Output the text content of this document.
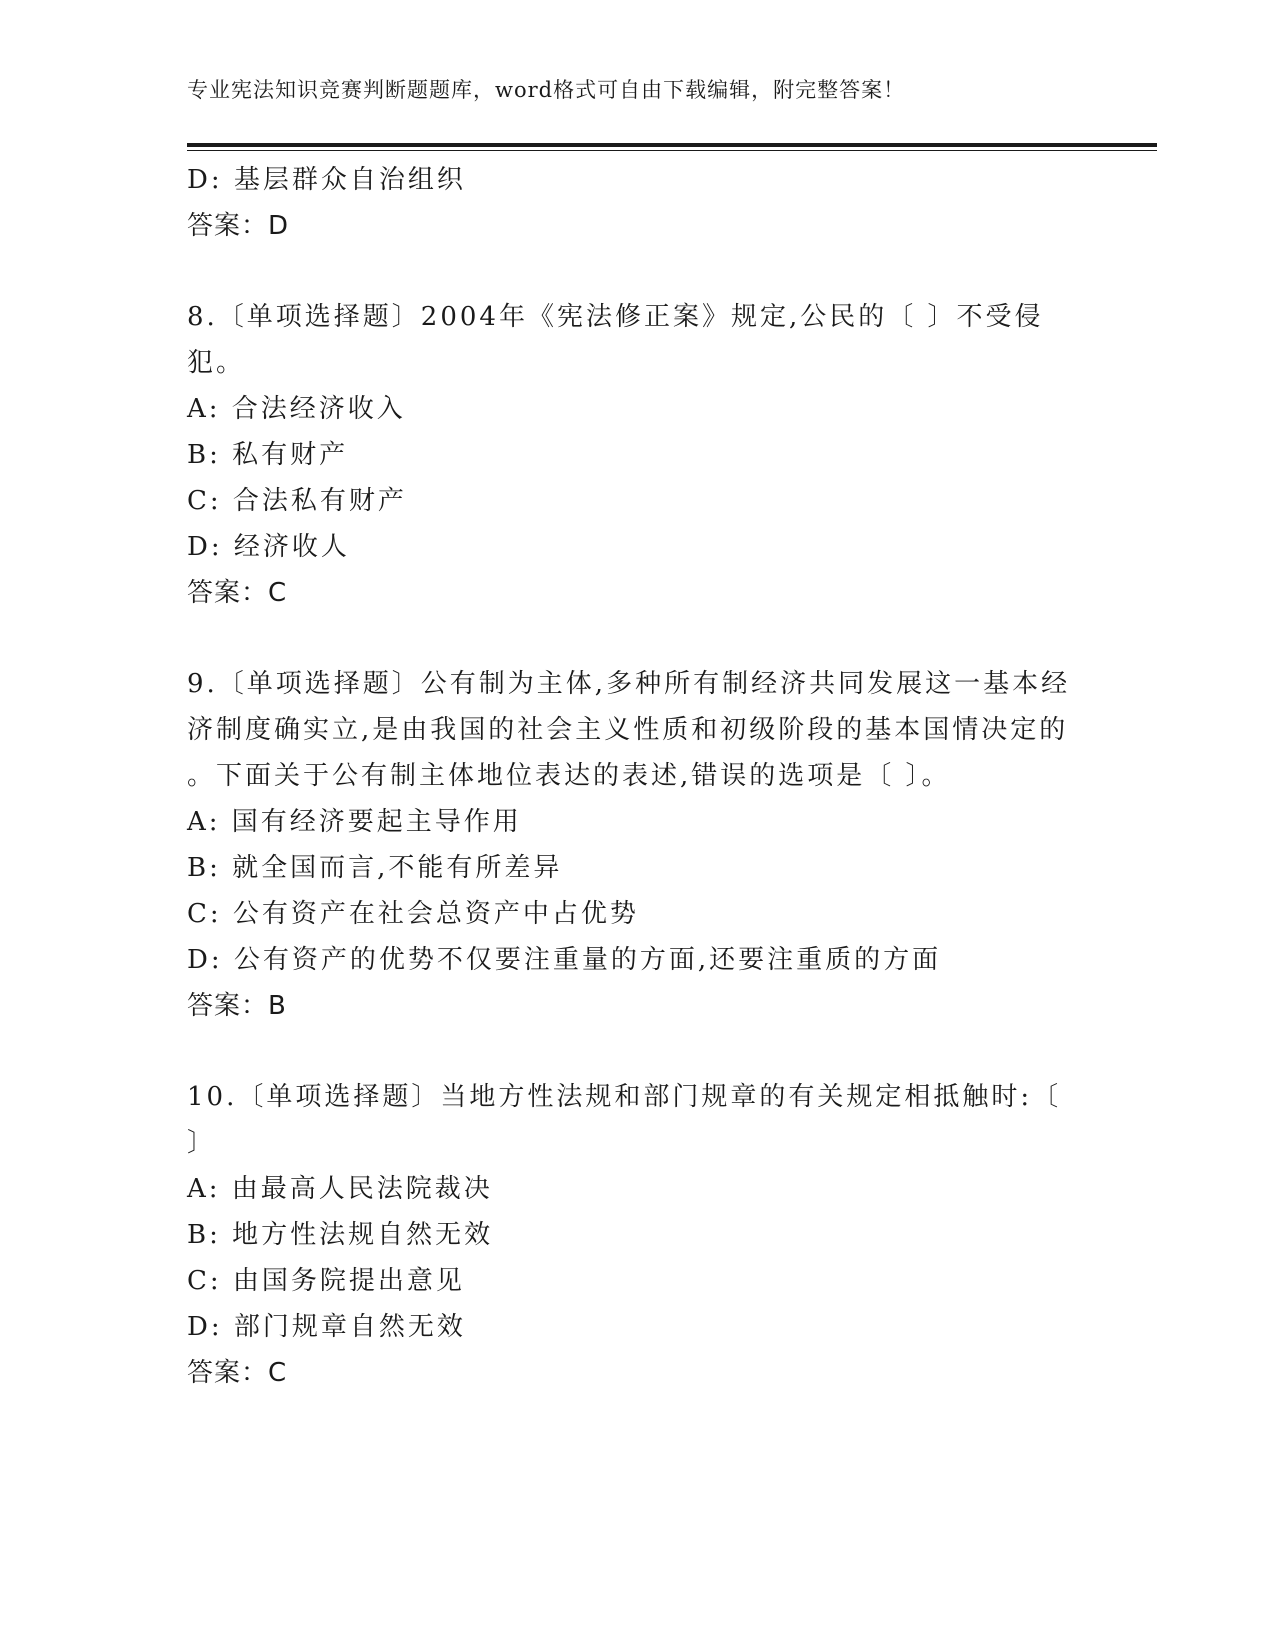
专业宪法知识竞赛判断题题库，word格式可自由下载编辑，附完整答案！
D: 基层群众自治组织
答案：D
8.〔单项选择题〕2004年《宪法修正案》规定,公民的〔 〕不受侵
犯。
A: 合法经济收入
B: 私有财产
C: 合法私有财产
D: 经济收人
答案：C
9.〔单项选择题〕公有制为主体,多种所有制经济共同发展这一基本经
济制度确实立,是由我国的社会主义性质和初级阶段的基本国情决定的
。下面关于公有制主体地位表达的表述,错误的选项是〔 〕。
A: 国有经济要起主导作用
B: 就全国而言,不能有所差异
C: 公有资产在社会总资产中占优势
D: 公有资产的优势不仅要注重量的方面,还要注重质的方面
答案：B
10.〔单项选择题〕当地方性法规和部门规章的有关规定相抵触时:〔
〕
A: 由最高人民法院裁决
B: 地方性法规自然无效
C: 由国务院提出意见
D: 部门规章自然无效
答案：C
